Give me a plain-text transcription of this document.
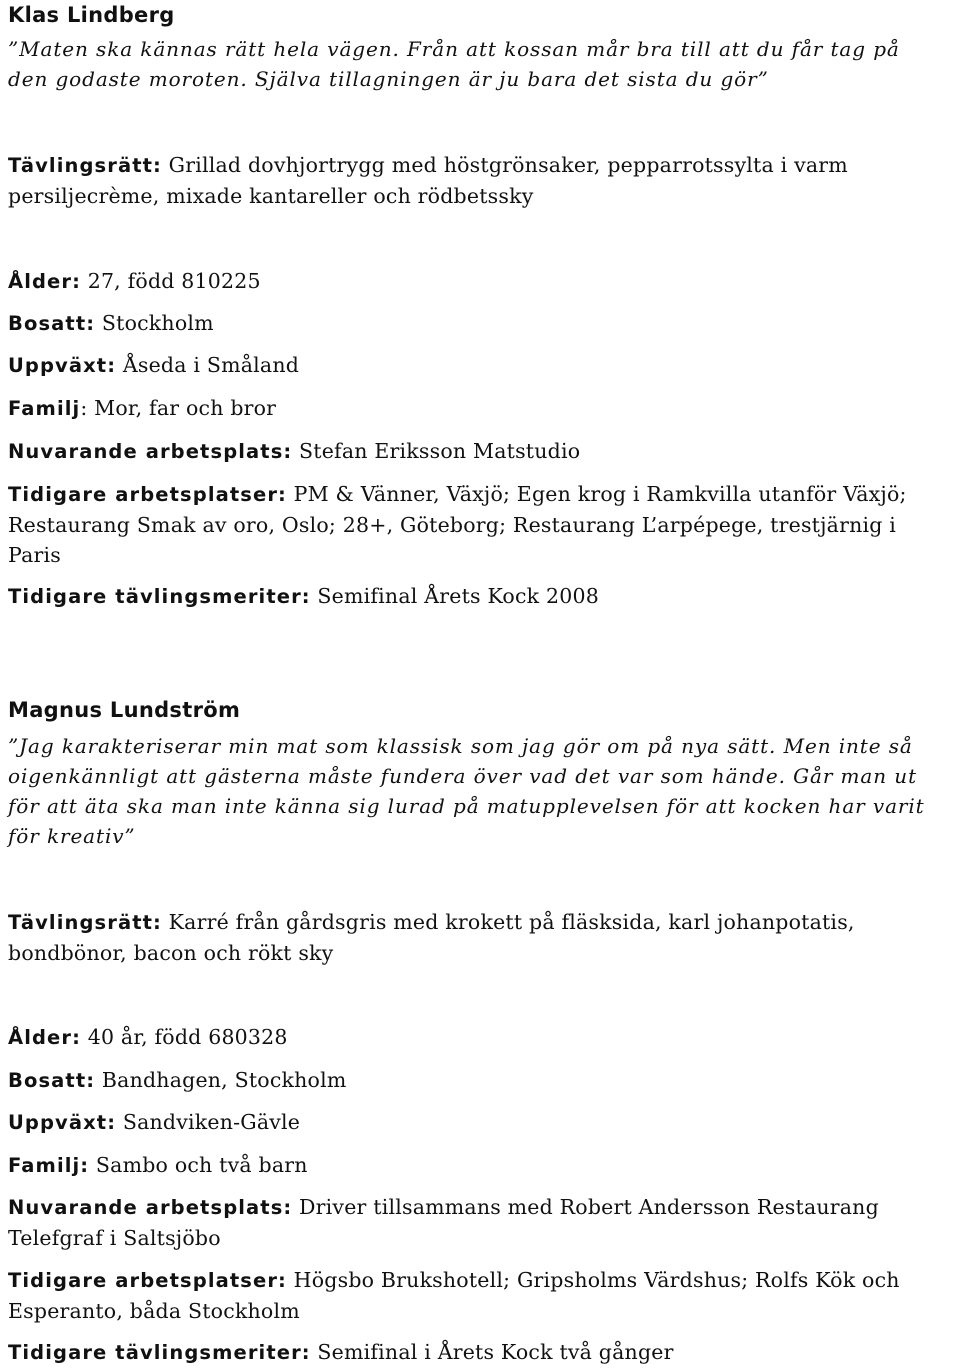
Klas Lindberg

”Maten ska kännas rätt hela vägen. Från att kossan mår bra till att du får tag på den godaste moroten. Själva tillagningen är ju bara det sista du gör”

Tävlingsrätt: Grillad dovhjortrygg med höstgrönsaker, pepparrotssylta i varm persiljecrème, mixade kantareller och rödbetssky

Ålder: 27, född 810225

Bosatt: Stockholm

Uppväxt: Åseda i Småland

Familj: Mor, far och bror

Nuvarande arbetsplats: Stefan Eriksson Matstudio

Tidigare arbetsplatser: PM & Vänner, Växjö; Egen krog i Ramkvilla utanför Växjö; Restaurang Smak av oro, Oslo; 28+, Göteborg; Restaurang L’arpépege, trestjärnig i Paris

Tidigare tävlingsmeriter: Semifinal Årets Kock 2008

Magnus Lundström

”Jag karakteriserar min mat som klassisk som jag gör om på nya sätt. Men inte så oigenkännligt att gästerna måste fundera över vad det var som hände. Går man ut för att äta ska man inte känna sig lurad på matupplevelsen för att kocken har varit för kreativ”

Tävlingsrätt: Karré från gårdsgris med krokett på fläsksida, karl johanpotatis, bondbönor, bacon och rökt sky

Ålder: 40 år, född 680328

Bosatt: Bandhagen, Stockholm

Uppväxt: Sandviken-Gävle

Familj: Sambo och två barn

Nuvarande arbetsplats: Driver tillsammans med Robert Andersson Restaurang Telefgraf i Saltsjöbo

Tidigare arbetsplatser: Högsbo Brukshotell; Gripsholms Värdshus; Rolfs Kök och Esperanto, båda Stockholm

Tidigare tävlingsmeriter: Semifinal i Årets Kock två gånger
